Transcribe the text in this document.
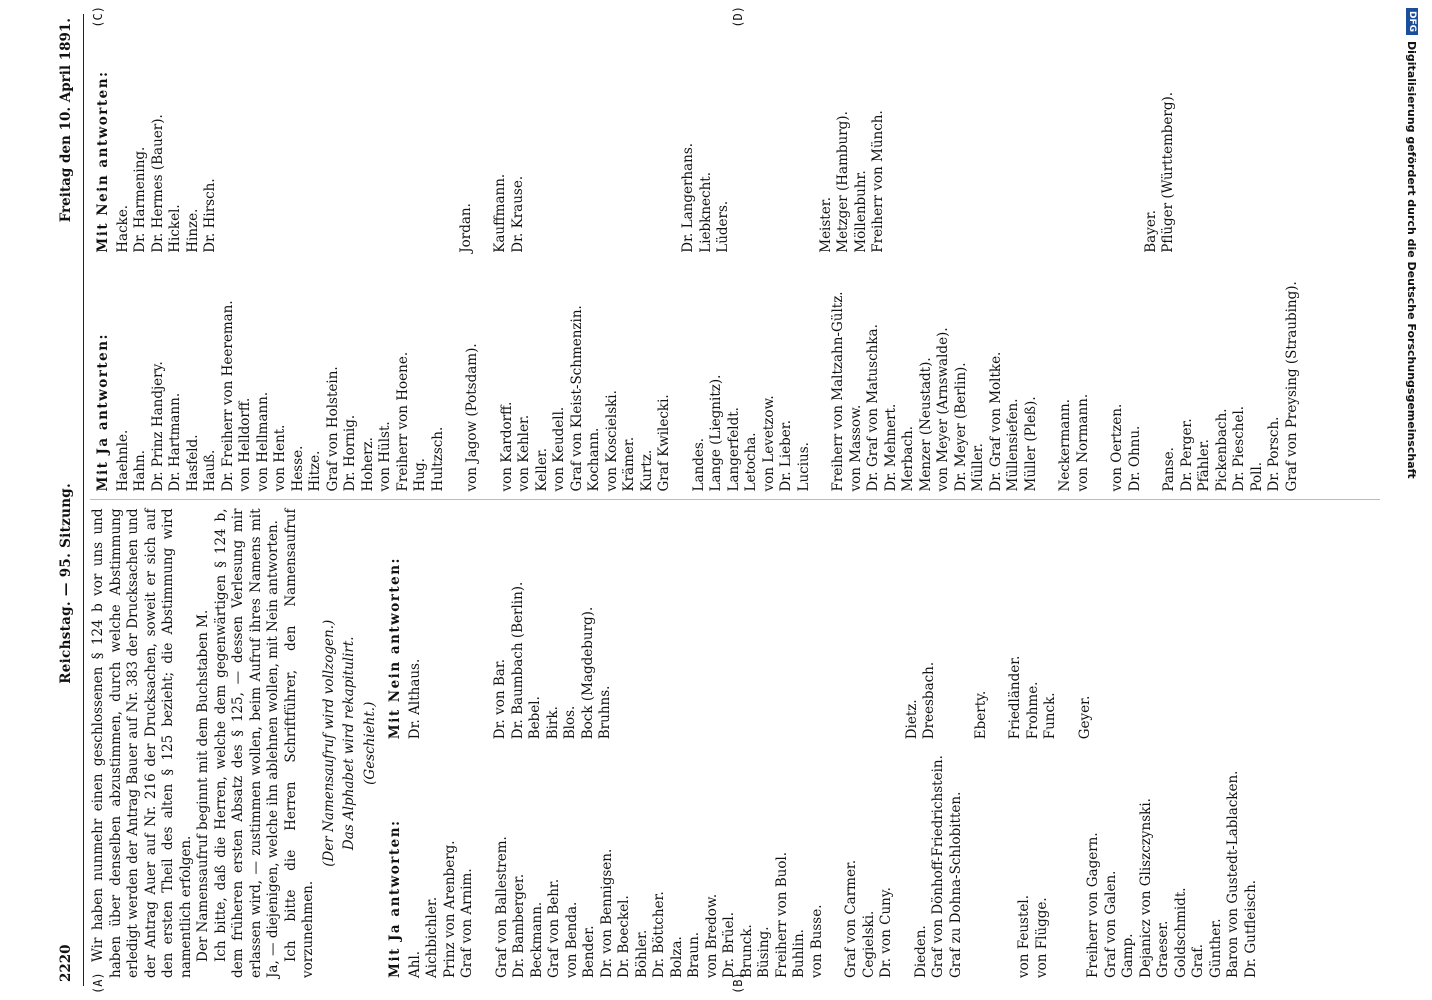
DFG
Digitalisierung gefördert durch die Deutsche Forschungsgemeinschaft
2220
Reichstag. — 95. Sitzung.
Freitag den 10. April 1891.
(A)	(B)

Wir haben nunmehr einen geschlossenen § 124 b vor uns und haben über denselben abzustimmen, durch welche Abstimmung erledigt werden der Antrag Bauer auf Nr. 383 der Drucksachen und der Antrag Auer auf Nr. 216 der Drucksachen, soweit er sich auf den ersten Theil des alten § 125 bezieht; die Abstimmung wird namentlich erfolgen. Der Namensaufruf beginnt mit dem Buchstaben M. Ich bitte, daß die Herren, welche dem gegenwärtigen § 124 b, dem früheren ersten Absatz des § 125, — dessen Verlesung mir erlassen wird, — zustimmen wollen, beim Aufruf ihres Namens mit Ja, — diejenigen, welche ihn ablehnen wollen, mit Nein antworten. Ich bitte die Herren Schriftführer, den Namensaufruf vorzunehmen.

(Der Namensaufruf wird vollzogen.) Das Alphabet wird rekapitulirt. (Geschieht.)
Mit Ja antworten:
Mit Nein antworten:
Ahl. Aichbichler. Prinz von Arenberg. Graf von Arnim. Graf von Ballestrem. Dr. Bamberger. Beckmann. Graf von Behr. von Benda. Bender. Dr. von Bennigsen. Dr. Boeckel. Böhler. Dr. Böttcher. Bolza. Braun. von Bredow. Dr. Brüel. Brunck. Büsing. Freiherr von Buol. Buhlin. von Busse. Graf von Carmer. Cegielski. Dr. von Cuny. Dieden. Graf von Dönhoff-Friedrichstein. Graf zu Dohna-Schlobitten.	von Feustel. von Flügge.	Freiherr von Gagern. Graf von Galen. Gamp. Dejanicz von Gliszczynski. Graeser. Goldschmidt. Graf. Günther. Baron von Gustedt-Lablacken. Dr. Gutfleisch.
Dr. Althaus.	Dr. von Bar. Dr. Baumbach (Berlin). Bebel. Birk. Blos. Bock (Magdeburg). Bruhns.	Dietz. Dreesbach.	Eberty. Friedländer. Frohme. Funck. Geyer.
(C)	(D)
Mit Ja antworten:
Mit Nein antworten:
Haehnle. Hahn. Dr. Prinz Handjery. Dr. Hartmann. Hasfeld. Hauß. Dr. Freiherr von Heereman. von Helldorff. von Hellmann. von Hent. Hesse. Hitze. Graf von Holstein. Dr. Hornig. Hoherz. von Hülst. Freiherr von Hoene. Hug. Hultzsch. von Jagow (Potsdam). von Kardorff. von Kehler. Keller. von Keudell. Graf von Kleist-Schmenzin. Kochann. von Koscielski. Krämer. Kurtz. Graf Kwilecki. Landes. Lange (Liegnitz). Langerfeldt. Letocha. von Levetzow. Dr. Lieber. Lucius. Freiherr von Maltzahn-Gültz. von Massow. Dr. Graf von Matuschka. Dr. Mehnert. Merbach. Menzer (Neustadt). von Meyer (Arnswalde). Dr. Meyer (Berlin). Müller. Dr. Graf von Moltke. Müllensiefen. Müller (Pleß). Neckermann. von Normann. von Oertzen. Dr. Ohnu. Panse. Dr. Perger. Pfähler. Pickenbach. Dr. Pieschel. Poll. Dr. Porsch. Graf von Preysing (Straubing).
Hacke. Dr. Harmening. Dr. Hermes (Bauer). Hickel. Hinze. Dr. Hirsch.	Jordan. Kauffmann. Dr. Krause.	Dr. Langerhans. Liebknecht. Lüders.	Meister. Metzger (Hamburg). Möllenbuhr. Freiherr von Münch.	Bayer. Pflüger (Württemberg).
